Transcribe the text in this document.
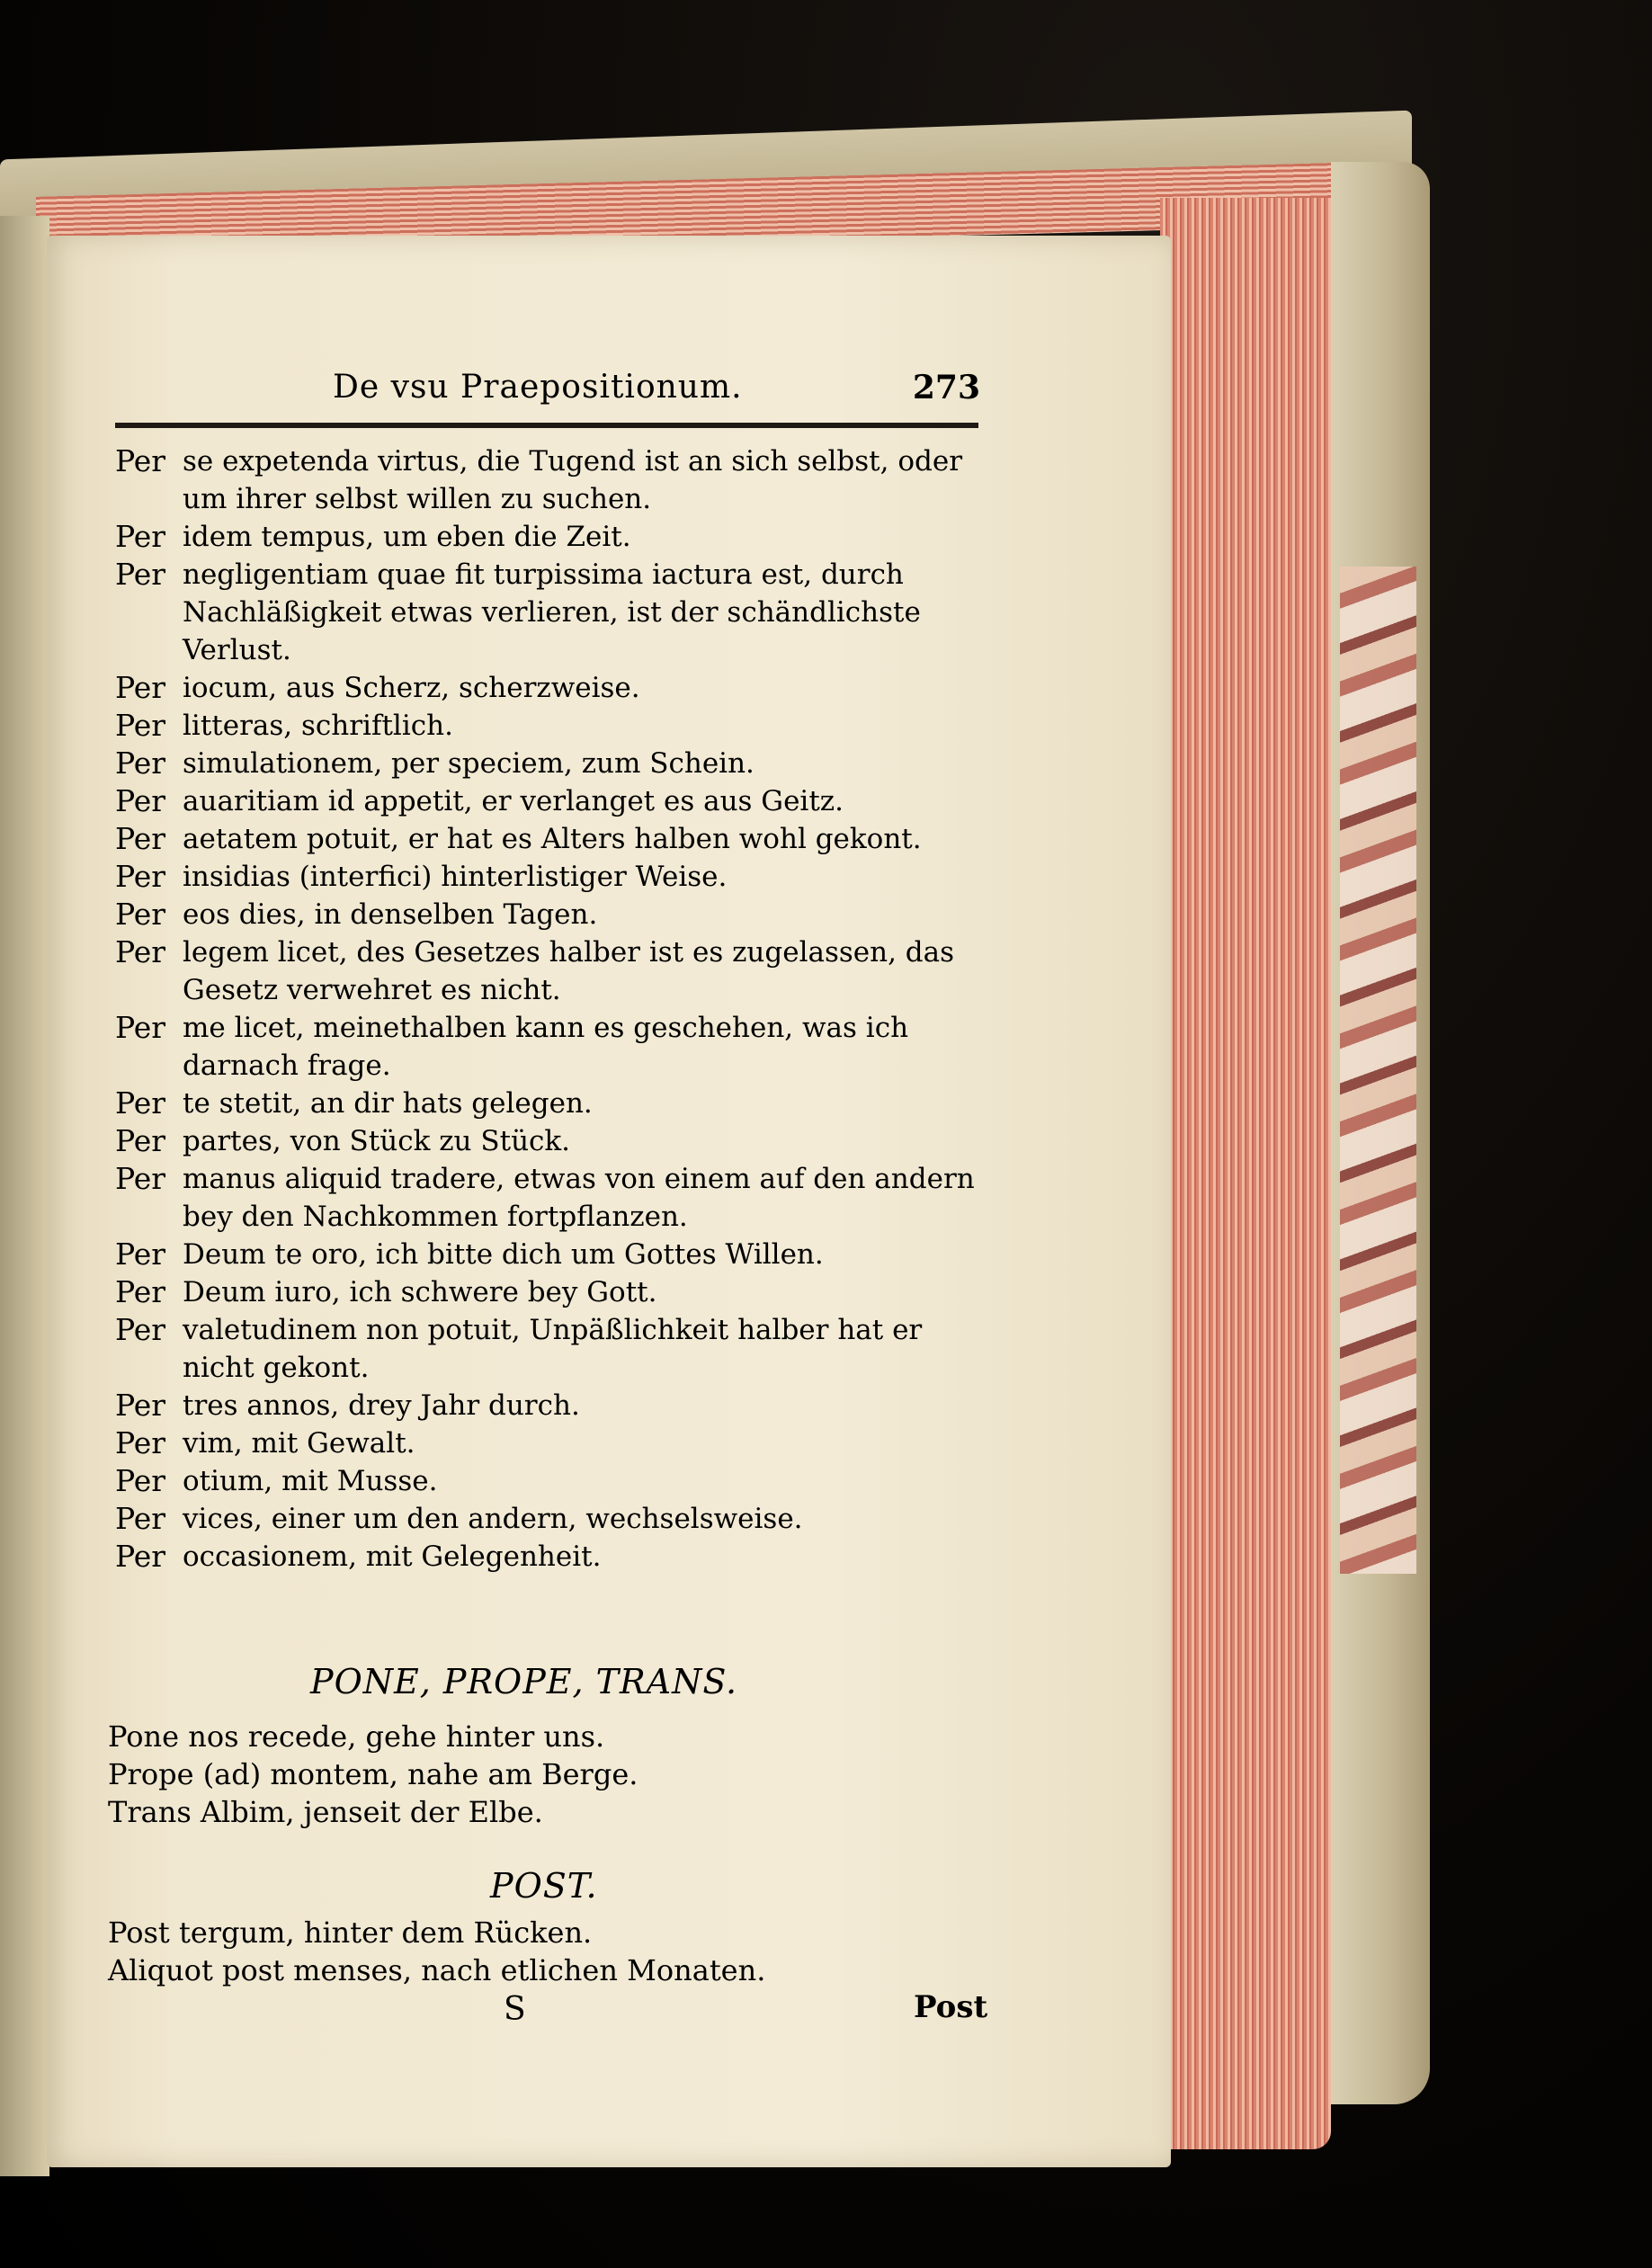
De vsu Praepositionum.	273
Per se expetenda virtus, die Tugend ist an sich selbst, oder um ihrer selbst willen zu suchen.
Per idem tempus, um eben die Zeit.
Per negligentiam quae fit turpissima iactura est, durch Nachläßigkeit etwas verlieren, ist der schändlichste Verlust.
Per iocum, aus Scherz, scherzweise.
Per litteras, schriftlich.
Per simulationem, per speciem, zum Schein.
Per auaritiam id appetit, er verlanget es aus Geitz.
Per aetatem potuit, er hat es Alters halben wohl gekont.
Per insidias (interfici) hinterlistiger Weise.
Per eos dies, in denselben Tagen.
Per legem licet, des Gesetzes halber ist es zugelassen, das Gesetz verwehret es nicht.
Per me licet, meinethalben kann es geschehen, was ich darnach frage.
Per te stetit, an dir hats gelegen.
Per partes, von Stück zu Stück.
Per manus aliquid tradere, etwas von einem auf den andern bey den Nachkommen fortpflanzen.
Per Deum te oro, ich bitte dich um Gottes Willen.
Per Deum iuro, ich schwere bey Gott.
Per valetudinem non potuit, Unpäßlichkeit halber hat er nicht gekont.
Per tres annos, drey Jahr durch.
Per vim, mit Gewalt.
Per otium, mit Musse.
Per vices, einer um den andern, wechselsweise.
Per occasionem, mit Gelegenheit.
PONE, PROPE, TRANS.
Pone nos recede, gehe hinter uns.
Prope (ad) montem, nahe am Berge.
Trans Albim, jenseit der Elbe.
POST.
Post tergum, hinter dem Rücken.
Aliquot post menses, nach etlichen Monaten.
S	Post
